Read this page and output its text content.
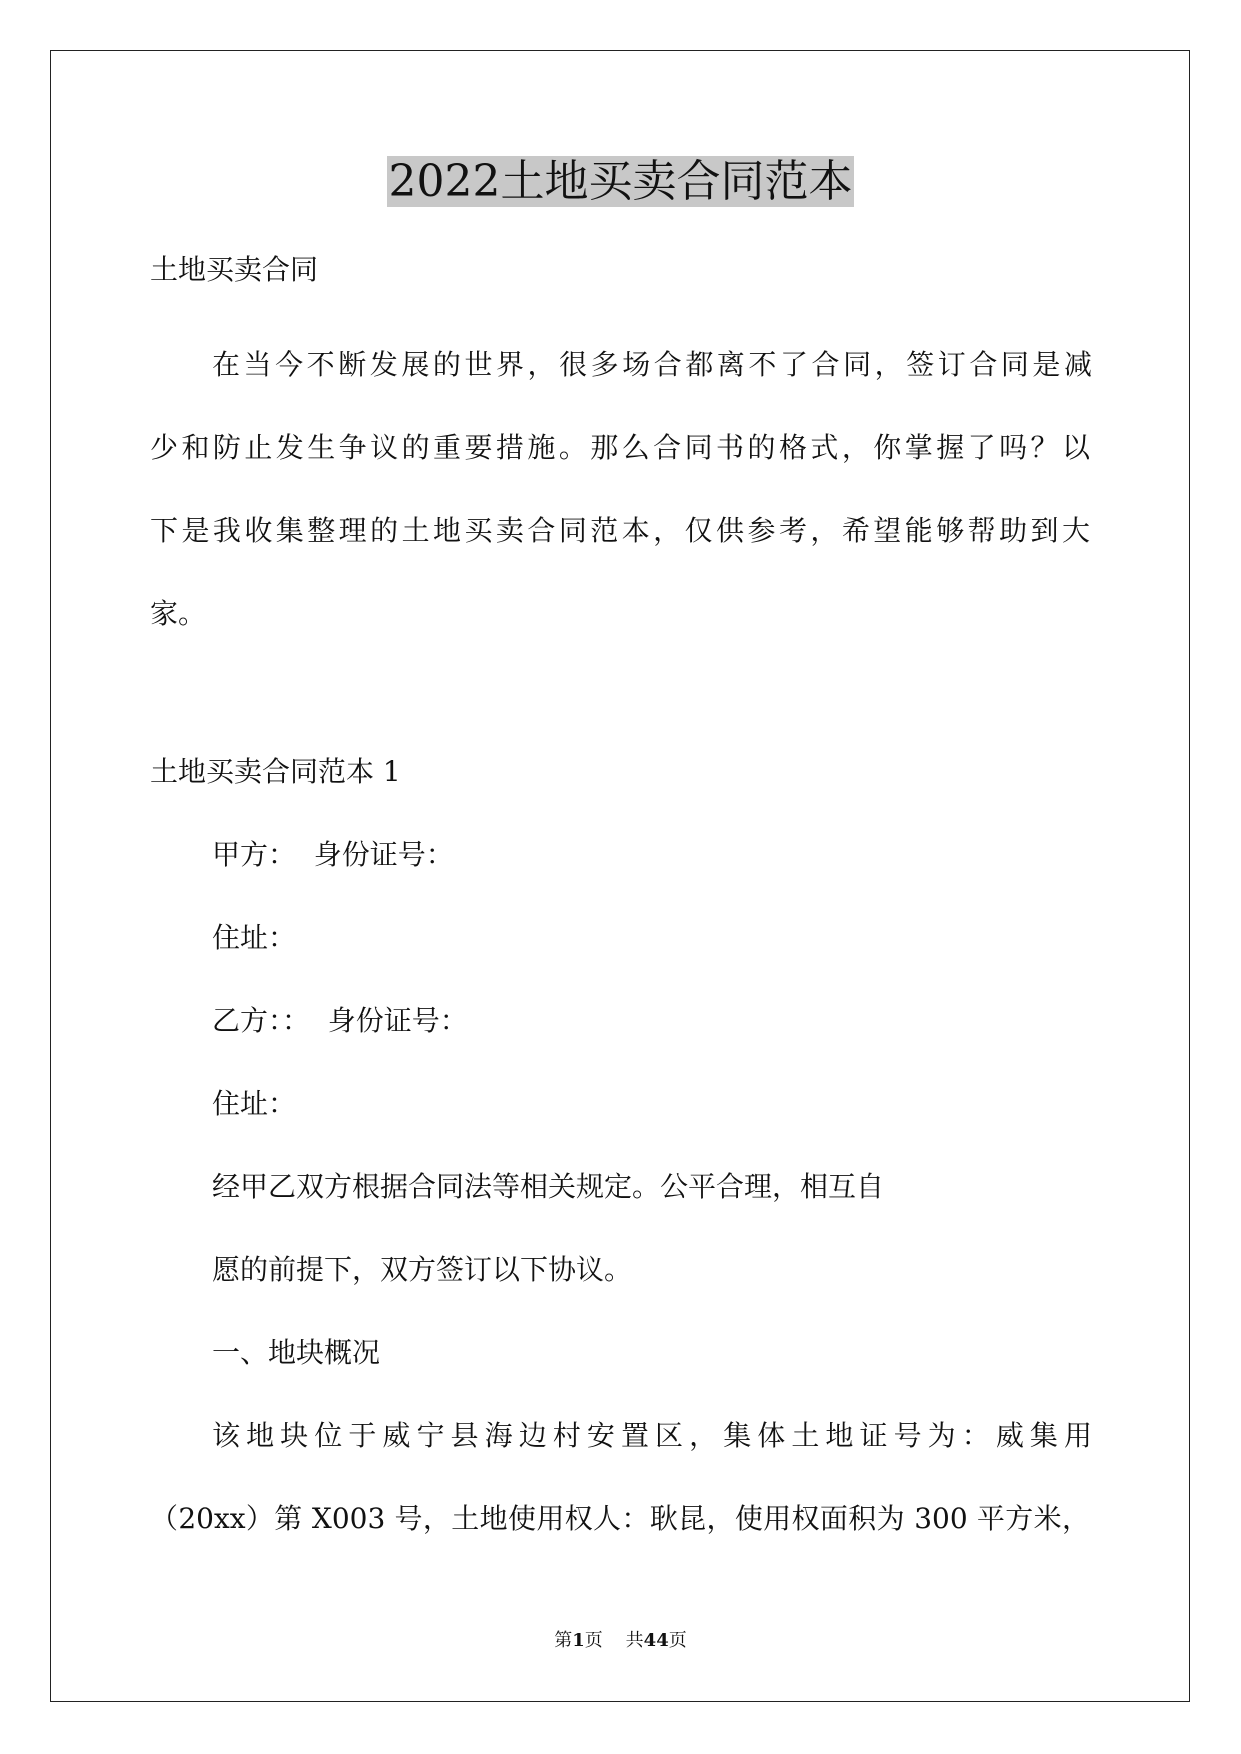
2022土地买卖合同范本
土地买卖合同
在当今不断发展的世界，很多场合都离不了合同，签订合同是减
少和防止发生争议的重要措施。那么合同书的格式，你掌握了吗？以
下是我收集整理的土地买卖合同范本，仅供参考，希望能够帮助到大
家。
土地买卖合同范本 1
甲方：  身份证号：
住址：
乙方：：  身份证号：
住址：
经甲乙双方根据合同法等相关规定。公平合理，相互自
愿的前提下，双方签订以下协议。
一、地块概况
该地块位于威宁县海边村安置区，集体土地证号为：威集用
（20xx）第 X003 号，土地使用权人：耿昆，使用权面积为 300 平方米，
第1页 共44页
